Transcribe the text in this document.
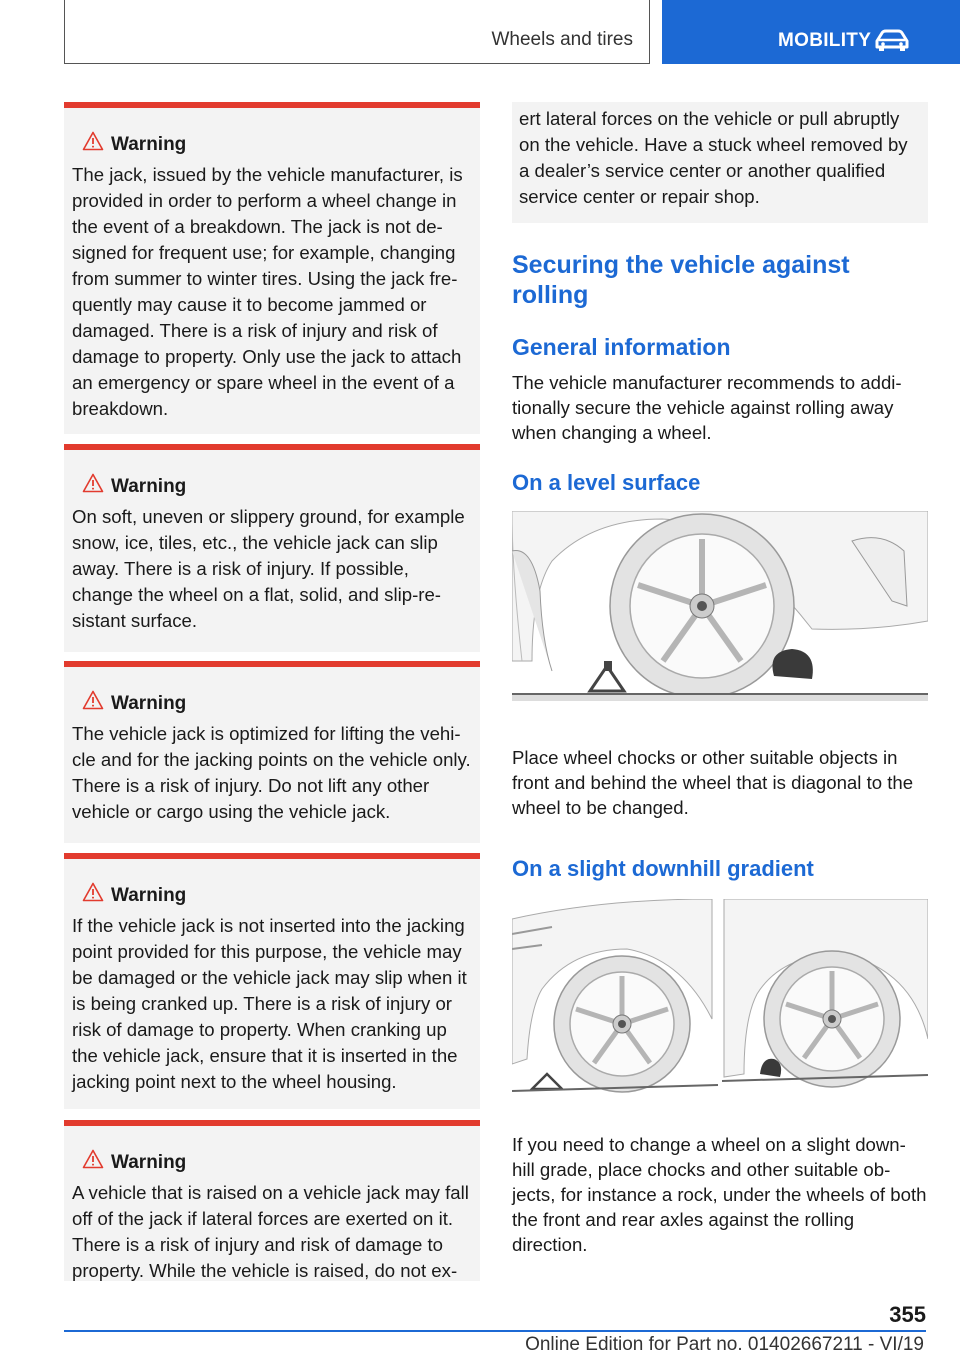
Wheels and tires	MOBILITY
Warning

The jack, issued by the vehicle manufacturer, is provided in order to perform a wheel change in the event of a breakdown. The jack is not de- signed for frequent use; for example, changing from summer to winter tires. Using the jack fre- quently may cause it to become jammed or damaged. There is a risk of injury and risk of damage to property. Only use the jack to attach an emergency or spare wheel in the event of a breakdown.

Warning

On soft, uneven or slippery ground, for example snow, ice, tiles, etc., the vehicle jack can slip away. There is a risk of injury. If possible, change the wheel on a flat, solid, and slip-re- sistant surface.

Warning

The vehicle jack is optimized for lifting the vehi- cle and for the jacking points on the vehicle only. There is a risk of injury. Do not lift any other vehicle or cargo using the vehicle jack.

Warning

If the vehicle jack is not inserted into the jacking point provided for this purpose, the vehicle may be damaged or the vehicle jack may slip when it is being cranked up. There is a risk of injury or risk of damage to property. When cranking up the vehicle jack, ensure that it is inserted in the jacking point next to the wheel housing.

Warning

A vehicle that is raised on a vehicle jack may fall off of the jack if lateral forces are exerted on it. There is a risk of injury and risk of damage to property. While the vehicle is raised, do not ex-

ert lateral forces on the vehicle or pull abruptly on the vehicle. Have a stuck wheel removed by a dealer’s service center or another qualified service center or repair shop.

Securing the vehicle against rolling
General information

The vehicle manufacturer recommends to addi- tionally secure the vehicle against rolling away when changing a wheel.

On a level surface

Place wheel chocks or other suitable objects in front and behind the wheel that is diagonal to the wheel to be changed.

On a slight downhill gradient

If you need to change a wheel on a slight down- hill grade, place chocks and other suitable ob- jects, for instance a rock, under the wheels of both the front and rear axles against the rolling direction.

355
Online Edition for Part no. 01402667211 - VI/19
